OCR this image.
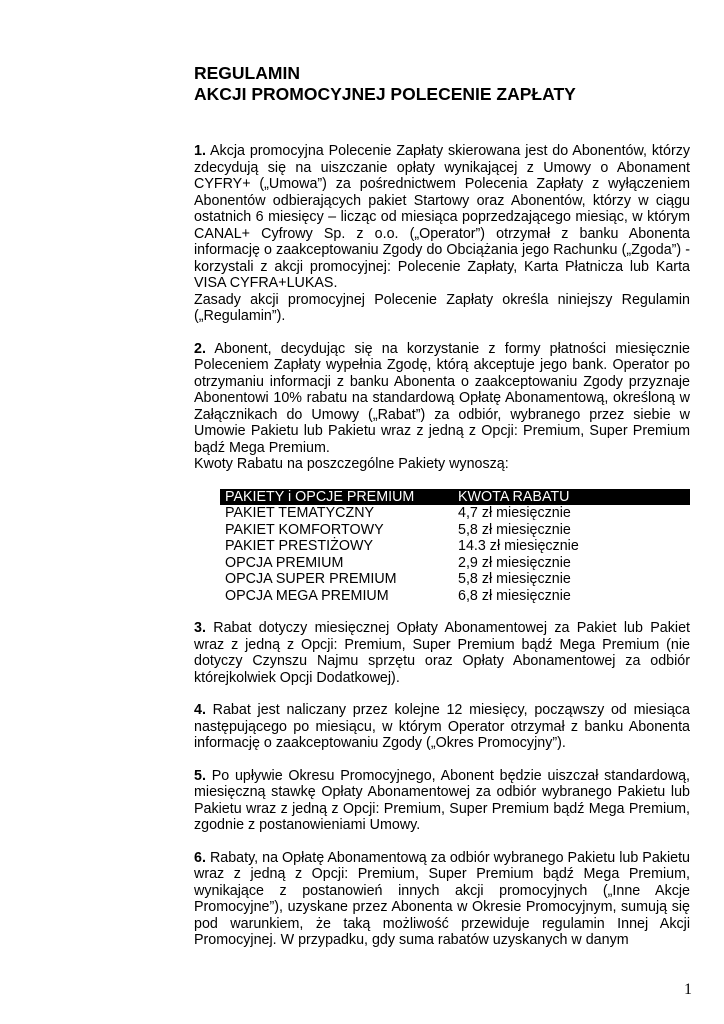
REGULAMIN
AKCJI PROMOCYJNEJ POLECENIE ZAPŁATY

1. Akcja promocyjna Polecenie Zapłaty skierowana jest do Abonentów, którzy zdecydują się na uiszczanie opłaty wynikającej z Umowy o Abonament CYFRY+ („Umowa”) za pośrednictwem Polecenia Zapłaty z wyłączeniem Abonentów odbierających pakiet Startowy oraz Abonentów, którzy w ciągu ostatnich 6 miesięcy – licząc od miesiąca poprzedzającego miesiąc, w którym CANAL+ Cyfrowy Sp. z o.o. („Operator”) otrzymał z banku Abonenta informację o zaakceptowaniu Zgody do Obciążania jego Rachunku („Zgoda”) - korzystali z akcji promocyjnej: Polecenie Zapłaty, Karta Płatnicza lub Karta VISA CYFRA+LUKAS.

Zasady akcji promocyjnej Polecenie Zapłaty określa niniejszy Regulamin („Regulamin”).

2. Abonent, decydując się na korzystanie z formy płatności miesięcznie Poleceniem Zapłaty wypełnia Zgodę, którą akceptuje jego bank. Operator po otrzymaniu informacji z banku Abonenta o zaakceptowaniu Zgody przyznaje Abonentowi 10% rabatu na standardową Opłatę Abonamentową, określoną w Załącznikach do Umowy („Rabat”) za odbiór, wybranego przez siebie w Umowie Pakietu lub Pakietu wraz z jedną z Opcji: Premium, Super Premium bądź Mega Premium.

Kwoty Rabatu na poszczególne Pakiety wynoszą:

PAKIETY i OPCJE PREMIUM	KWOTA RABATU
PAKIET TEMATYCZNY	4,7 zł miesięcznie
PAKIET KOMFORTOWY	5,8 zł miesięcznie
PAKIET PRESTIŻOWY	14.3 zł miesięcznie
OPCJA PREMIUM	2,9 zł miesięcznie
OPCJA SUPER PREMIUM	5,8 zł miesięcznie
OPCJA MEGA PREMIUM	6,8 zł miesięcznie

3. Rabat dotyczy miesięcznej Opłaty Abonamentowej za Pakiet lub Pakiet wraz z jedną z Opcji: Premium, Super Premium bądź Mega Premium (nie dotyczy Czynszu Najmu sprzętu oraz Opłaty Abonamentowej za odbiór którejkolwiek Opcji Dodatkowej).

4. Rabat jest naliczany przez kolejne 12 miesięcy, począwszy od miesiąca następującego po miesiącu, w którym Operator otrzymał z banku Abonenta informację o zaakceptowaniu Zgody („Okres Promocyjny”).

5. Po upływie Okresu Promocyjnego, Abonent będzie uiszczał standardową, miesięczną stawkę Opłaty Abonamentowej za odbiór wybranego Pakietu lub Pakietu wraz z jedną z Opcji: Premium, Super Premium bądź Mega Premium, zgodnie z postanowieniami Umowy.

6. Rabaty, na Opłatę Abonamentową za odbiór wybranego Pakietu lub Pakietu wraz z jedną z Opcji: Premium, Super Premium bądź Mega Premium, wynikające z postanowień innych akcji promocyjnych („Inne Akcje Promocyjne”), uzyskane przez Abonenta w Okresie Promocyjnym, sumują się pod warunkiem, że taką możliwość przewiduje regulamin Innej Akcji Promocyjnej. W przypadku, gdy suma rabatów uzyskanych w danym

1
